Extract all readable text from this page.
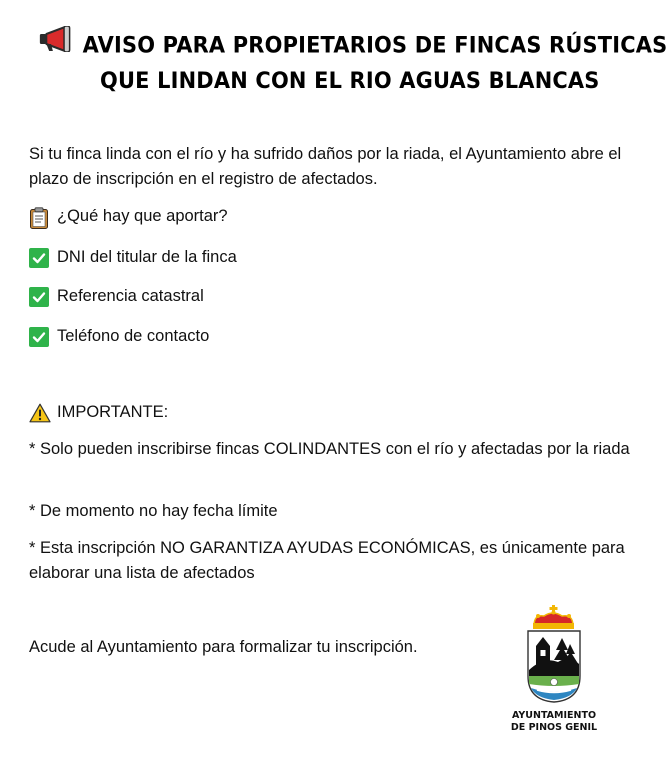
AVISO PARA PROPIETARIOS DE FINCAS RÚSTICAS
QUE LINDAN CON EL RIO AGUAS BLANCAS
Si tu finca linda con el río y ha sufrido daños por la riada, el Ayuntamiento abre el plazo de inscripción en el registro de afectados.
¿Qué hay que aportar?
DNI del titular de la finca
Referencia catastral
Teléfono de contacto
IMPORTANTE:
* Solo pueden inscribirse fincas COLINDANTES con el río y afectadas por la riada
* De momento no hay fecha límite
* Esta inscripción NO GARANTIZA AYUDAS ECONÓMICAS, es únicamente para elaborar una lista de afectados
Acude al Ayuntamiento para formalizar tu inscripción.
AYUNTAMIENTO
DE PINOS GENIL
